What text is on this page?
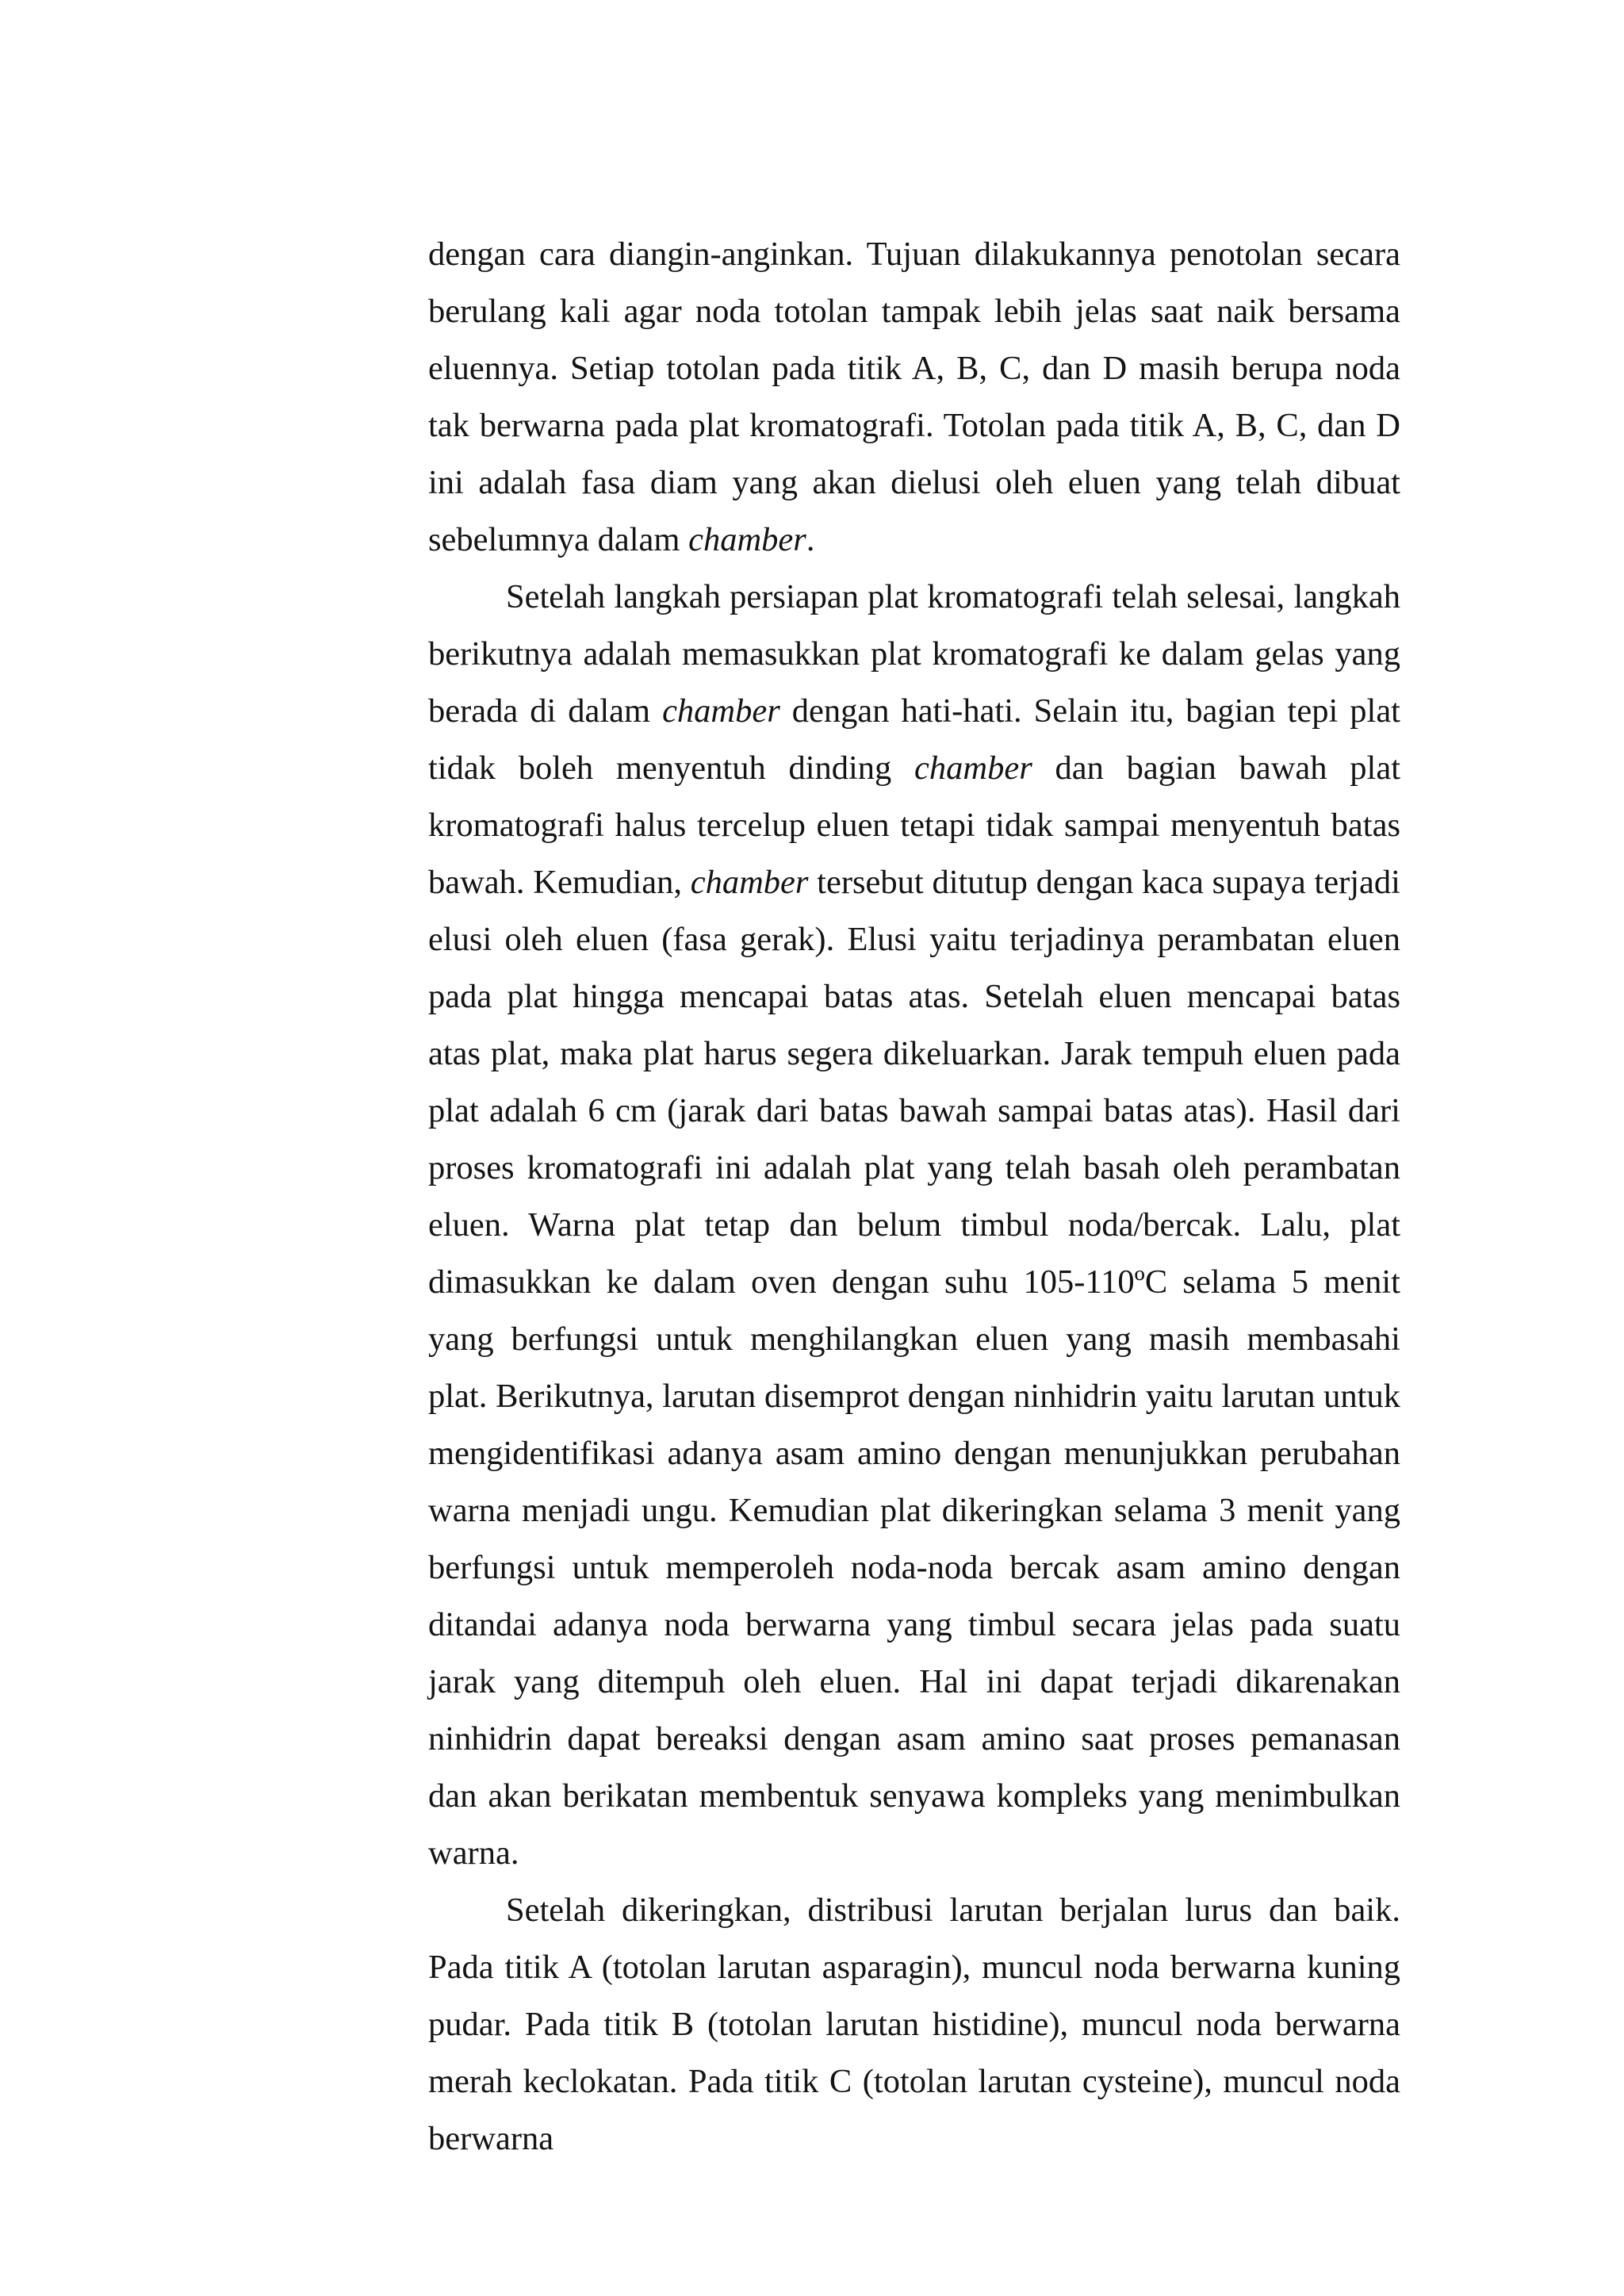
dengan cara diangin-anginkan. Tujuan dilakukannya penotolan secara berulang kali agar noda totolan tampak lebih jelas saat naik bersama eluennya. Setiap totolan pada titik A, B, C, dan D masih berupa noda tak berwarna pada plat kromatografi. Totolan pada titik A, B, C, dan D ini adalah fasa diam yang akan dielusi oleh eluen yang telah dibuat sebelumnya dalam chamber.

Setelah langkah persiapan plat kromatografi telah selesai, langkah berikutnya adalah memasukkan plat kromatografi ke dalam gelas yang berada di dalam chamber dengan hati-hati. Selain itu, bagian tepi plat tidak boleh menyentuh dinding chamber dan bagian bawah plat kromatografi halus tercelup eluen tetapi tidak sampai menyentuh batas bawah. Kemudian, chamber tersebut ditutup dengan kaca supaya terjadi elusi oleh eluen (fasa gerak). Elusi yaitu terjadinya perambatan eluen pada plat hingga mencapai batas atas. Setelah eluen mencapai batas atas plat, maka plat harus segera dikeluarkan. Jarak tempuh eluen pada plat adalah 6 cm (jarak dari batas bawah sampai batas atas). Hasil dari proses kromatografi ini adalah plat yang telah basah oleh perambatan eluen. Warna plat tetap dan belum timbul noda/bercak. Lalu, plat dimasukkan ke dalam oven dengan suhu 105-110ºC selama 5 menit yang berfungsi untuk menghilangkan eluen yang masih membasahi plat. Berikutnya, larutan disemprot dengan ninhidrin yaitu larutan untuk mengidentifikasi adanya asam amino dengan menunjukkan perubahan warna menjadi ungu. Kemudian plat dikeringkan selama 3 menit yang berfungsi untuk memperoleh noda-noda bercak asam amino dengan ditandai adanya noda berwarna yang timbul secara jelas pada suatu jarak yang ditempuh oleh eluen. Hal ini dapat terjadi dikarenakan ninhidrin dapat bereaksi dengan asam amino saat proses pemanasan dan akan berikatan membentuk senyawa kompleks yang menimbulkan warna.

Setelah dikeringkan, distribusi larutan berjalan lurus dan baik. Pada titik A (totolan larutan asparagin), muncul noda berwarna kuning pudar. Pada titik B (totolan larutan histidine), muncul noda berwarna merah keclokatan. Pada titik C (totolan larutan cysteine), muncul noda berwarna
